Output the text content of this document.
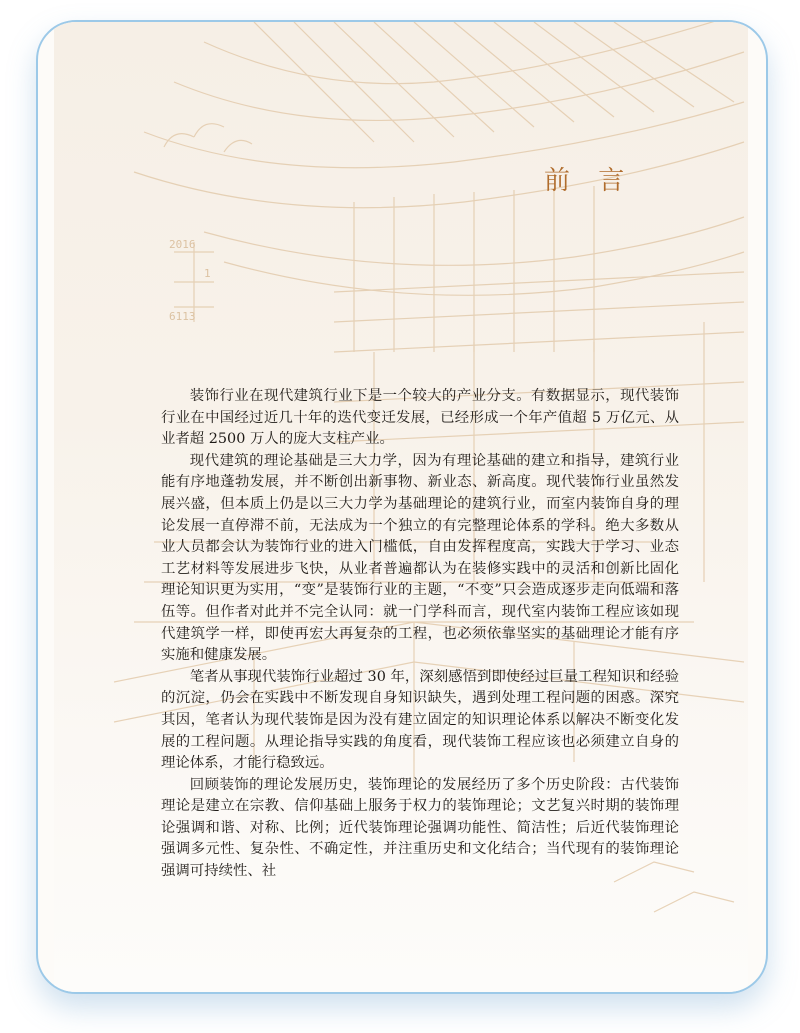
2016
1
6113
前 言

装饰行业在现代建筑行业下是一个较大的产业分支。有数据显示，现代装饰行业在中国经过近几十年的迭代变迁发展，已经形成一个年产值超 5 万亿元、从业者超 2500 万人的庞大支柱产业。

现代建筑的理论基础是三大力学，因为有理论基础的建立和指导，建筑行业能有序地蓬勃发展，并不断创出新事物、新业态、新高度。现代装饰行业虽然发展兴盛，但本质上仍是以三大力学为基础理论的建筑行业，而室内装饰自身的理论发展一直停滞不前，无法成为一个独立的有完整理论体系的学科。绝大多数从业人员都会认为装饰行业的进入门槛低，自由发挥程度高，实践大于学习、业态工艺材料等发展进步飞快，从业者普遍都认为在装修实践中的灵活和创新比固化理论知识更为实用，“变”是装饰行业的主题，“不变”只会造成逐步走向低端和落伍等。但作者对此并不完全认同：就一门学科而言，现代室内装饰工程应该如现代建筑学一样，即使再宏大再复杂的工程，也必须依靠坚实的基础理论才能有序实施和健康发展。

笔者从事现代装饰行业超过 30 年，深刻感悟到即使经过巨量工程知识和经验的沉淀，仍会在实践中不断发现自身知识缺失，遇到处理工程问题的困惑。深究其因，笔者认为现代装饰是因为没有建立固定的知识理论体系以解决不断变化发展的工程问题。从理论指导实践的角度看，现代装饰工程应该也必须建立自身的理论体系，才能行稳致远。

回顾装饰的理论发展历史，装饰理论的发展经历了多个历史阶段：古代装饰理论是建立在宗教、信仰基础上服务于权力的装饰理论；文艺复兴时期的装饰理论强调和谐、对称、比例；近代装饰理论强调功能性、简洁性；后近代装饰理论强调多元性、复杂性、不确定性，并注重历史和文化结合；当代现有的装饰理论强调可持续性、社
